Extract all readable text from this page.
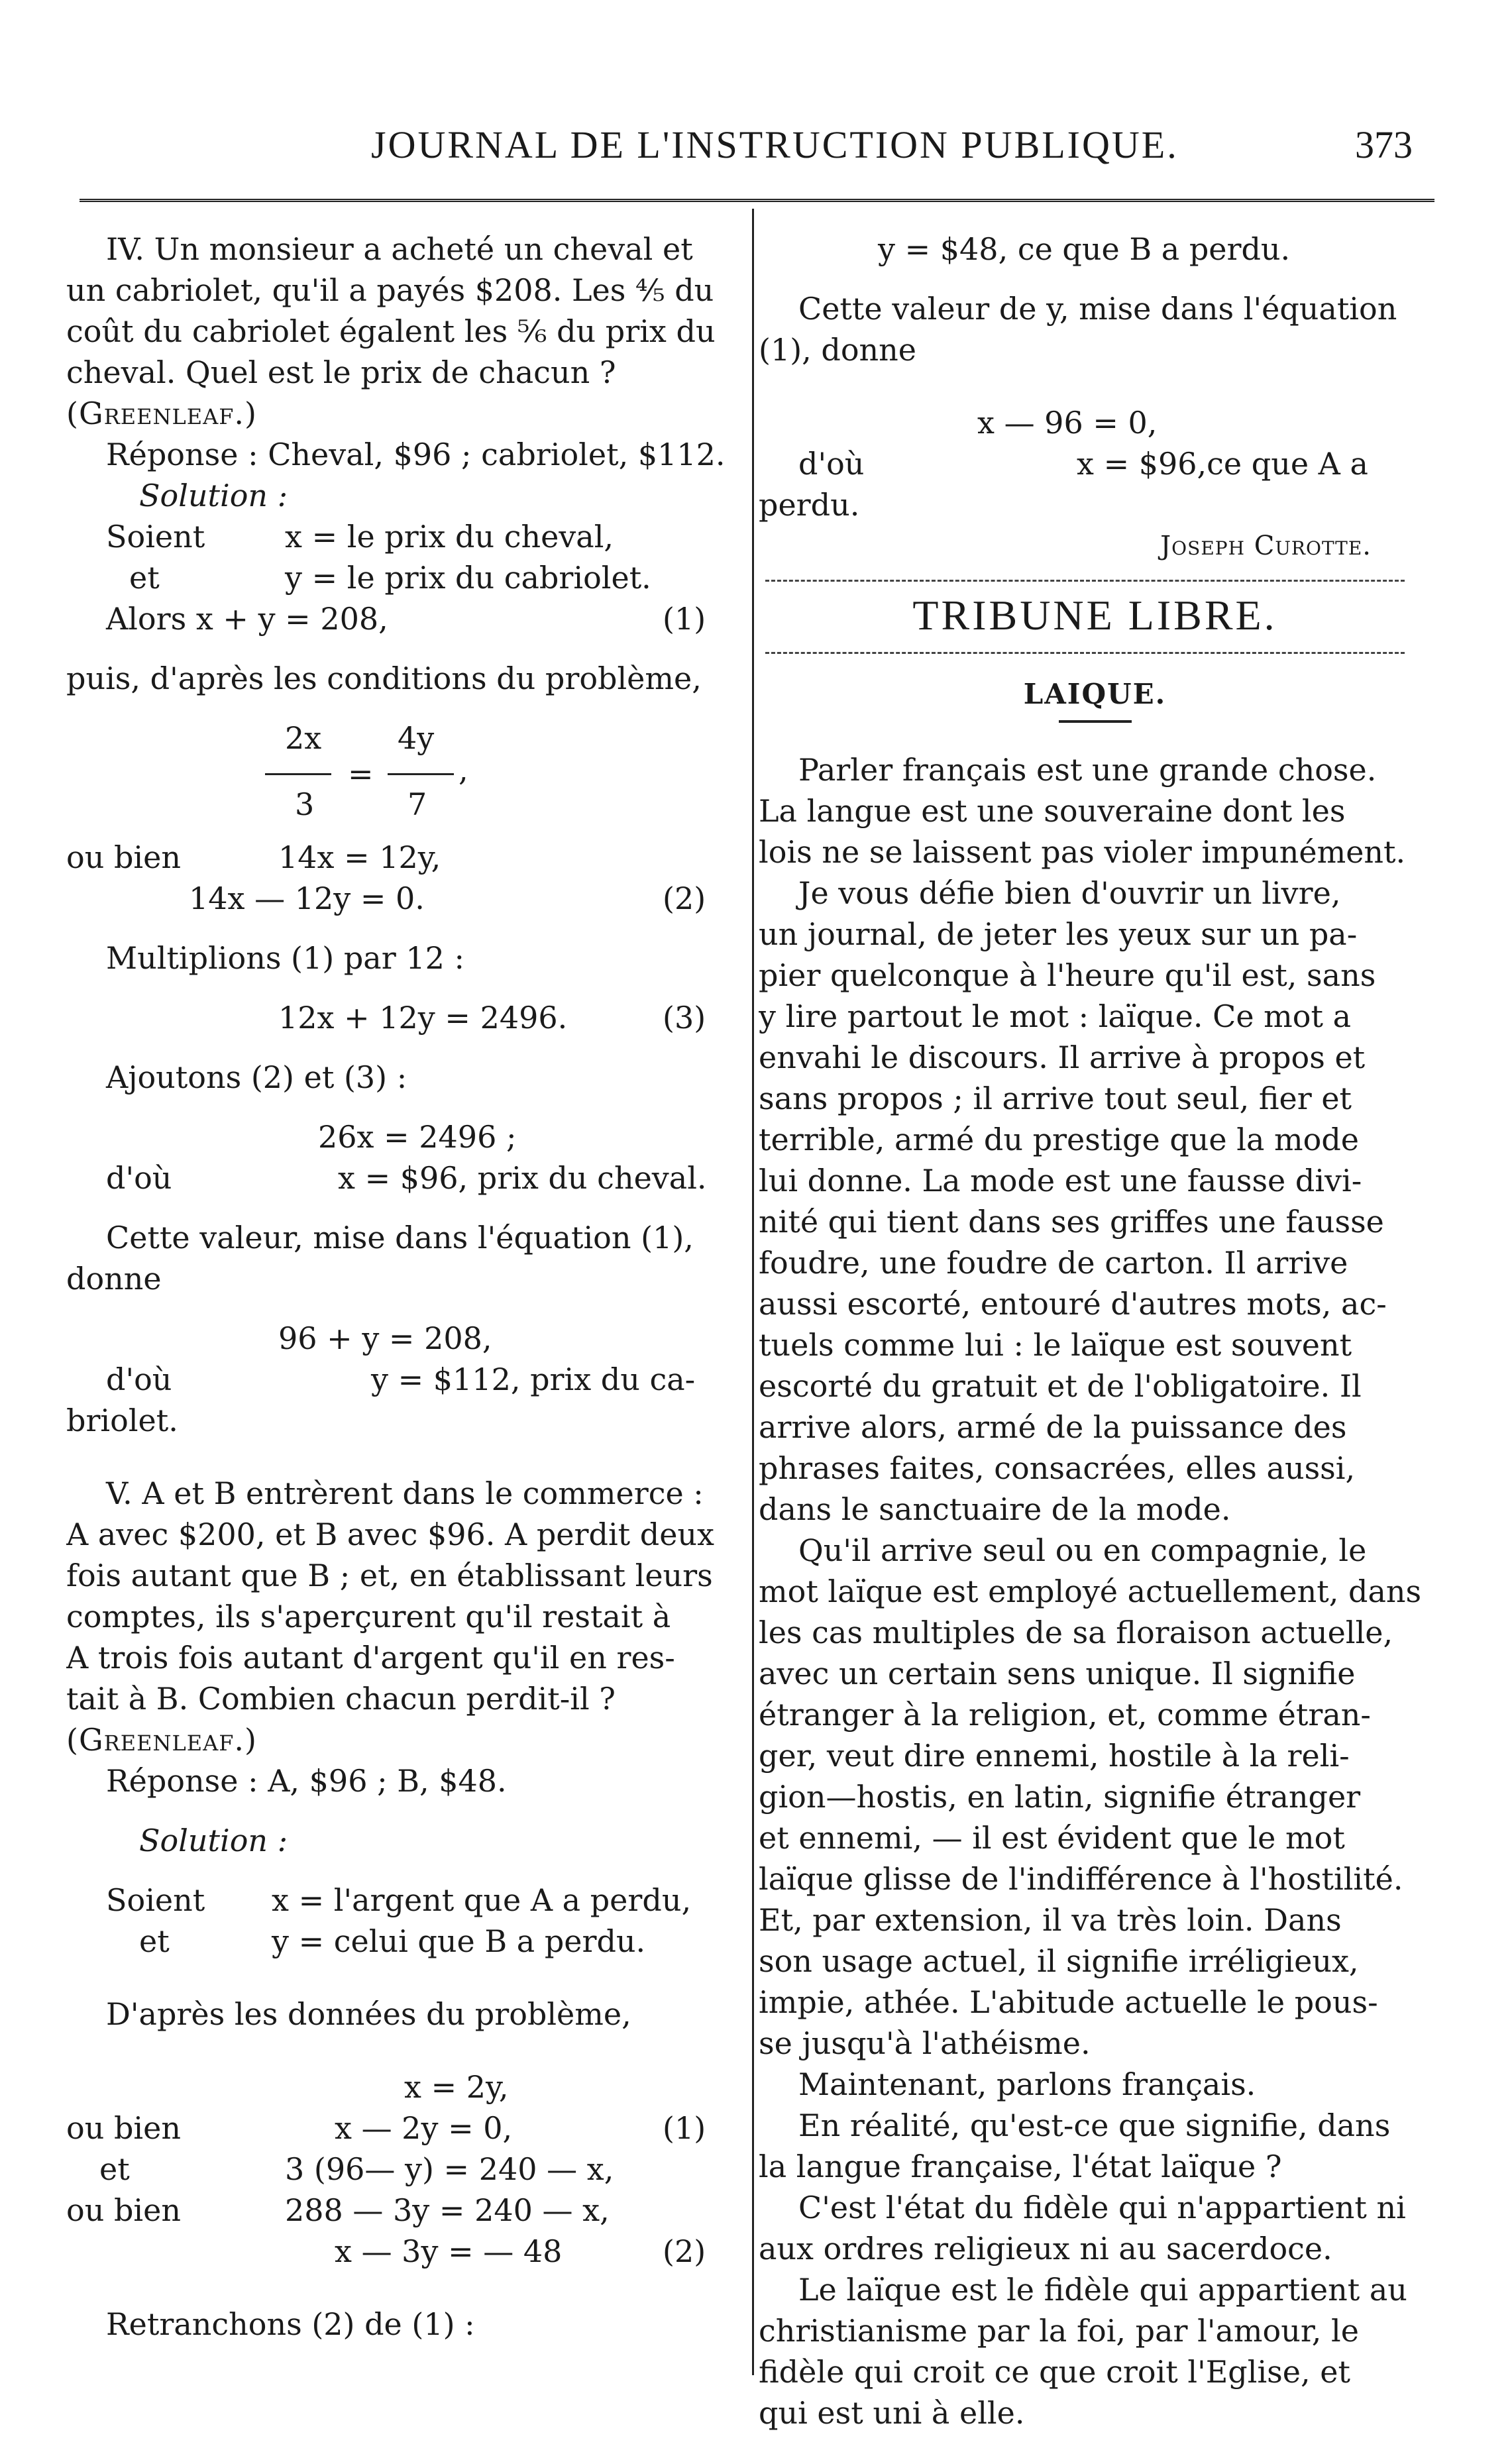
JOURNAL DE L'INSTRUCTION PUBLIQUE.	373
IV. Un monsieur a acheté un cheval et
un cabriolet, qu'il a payés $208. Les ⅘ du
coût du cabriolet égalent les ⅚ du prix du
cheval. Quel est le prix de chacun ?
(Greenleaf.)
Réponse : Cheval, $96 ; cabriolet, $112.
Solution :
Soient	x = le prix du cheval,
et	y = le prix du cabriolet.
Alors x + y = 208,	(1)
puis, d'après les conditions du problème,
2x
3
=
4y
7
,
ou bien	14x = 12y,
14x — 12y = 0.	(2)
Multiplions (1) par 12 :
12x + 12y = 2496.	(3)
Ajoutons (2) et (3) :
26x = 2496 ;
d'où	x = $96, prix du cheval.
Cette valeur, mise dans l'équation (1),
donne
96 + y = 208,
d'où	y = $112, prix du ca-
briolet.
V. A et B entrèrent dans le commerce :
A avec $200, et B avec $96. A perdit deux
fois autant que B ; et, en établissant leurs
comptes, ils s'aperçurent qu'il restait à
A trois fois autant d'argent qu'il en res-
tait à B. Combien chacun perdit-il ?
(Greenleaf.)
Réponse : A, $96 ; B, $48.
Solution :
Soient x = l'argent que A a perdu,
et	y = celui que B a perdu.
D'après les données du problème,
x = 2y,
ou bien	x — 2y = 0,	(1)
et	3 (96— y) = 240 — x,
ou bien	288 — 3y = 240 — x,
x — 3y = — 48	(2)
Retranchons (2) de (1) :
y = $48, ce que B a perdu.
Cette valeur de y, mise dans l'équation
(1), donne
x — 96 = 0,
d'où	x = $96,ce que A a
perdu.
Joseph Curotte.
TRIBUNE LIBRE.
LAIQUE.
Parler français est une grande chose.
La langue est une souveraine dont les
lois ne se laissent pas violer impunément.
Je vous défie bien d'ouvrir un livre,
un journal, de jeter les yeux sur un pa-
pier quelconque à l'heure qu'il est, sans
y lire partout le mot : laïque. Ce mot a
envahi le discours. Il arrive à propos et
sans propos ; il arrive tout seul, fier et
terrible, armé du prestige que la mode
lui donne. La mode est une fausse divi-
nité qui tient dans ses griffes une fausse
foudre, une foudre de carton. Il arrive
aussi escorté, entouré d'autres mots, ac-
tuels comme lui : le laïque est souvent
escorté du gratuit et de l'obligatoire. Il
arrive alors, armé de la puissance des
phrases faites, consacrées, elles aussi,
dans le sanctuaire de la mode.
Qu'il arrive seul ou en compagnie, le
mot laïque est employé actuellement, dans
les cas multiples de sa floraison actuelle,
avec un certain sens unique. Il signifie
étranger à la religion, et, comme étran-
ger, veut dire ennemi, hostile à la reli-
gion—hostis, en latin, signifie étranger
et ennemi, — il est évident que le mot
laïque glisse de l'indifférence à l'hostilité.
Et, par extension, il va très loin. Dans
son usage actuel, il signifie irréligieux,
impie, athée. L'abitude actuelle le pous-
se jusqu'à l'athéisme.
Maintenant, parlons français.
En réalité, qu'est-ce que signifie, dans
la langue française, l'état laïque ?
C'est l'état du fidèle qui n'appartient ni
aux ordres religieux ni au sacerdoce.
Le laïque est le fidèle qui appartient au
christianisme par la foi, par l'amour, le
fidèle qui croit ce que croit l'Eglise, et
qui est uni à elle.
